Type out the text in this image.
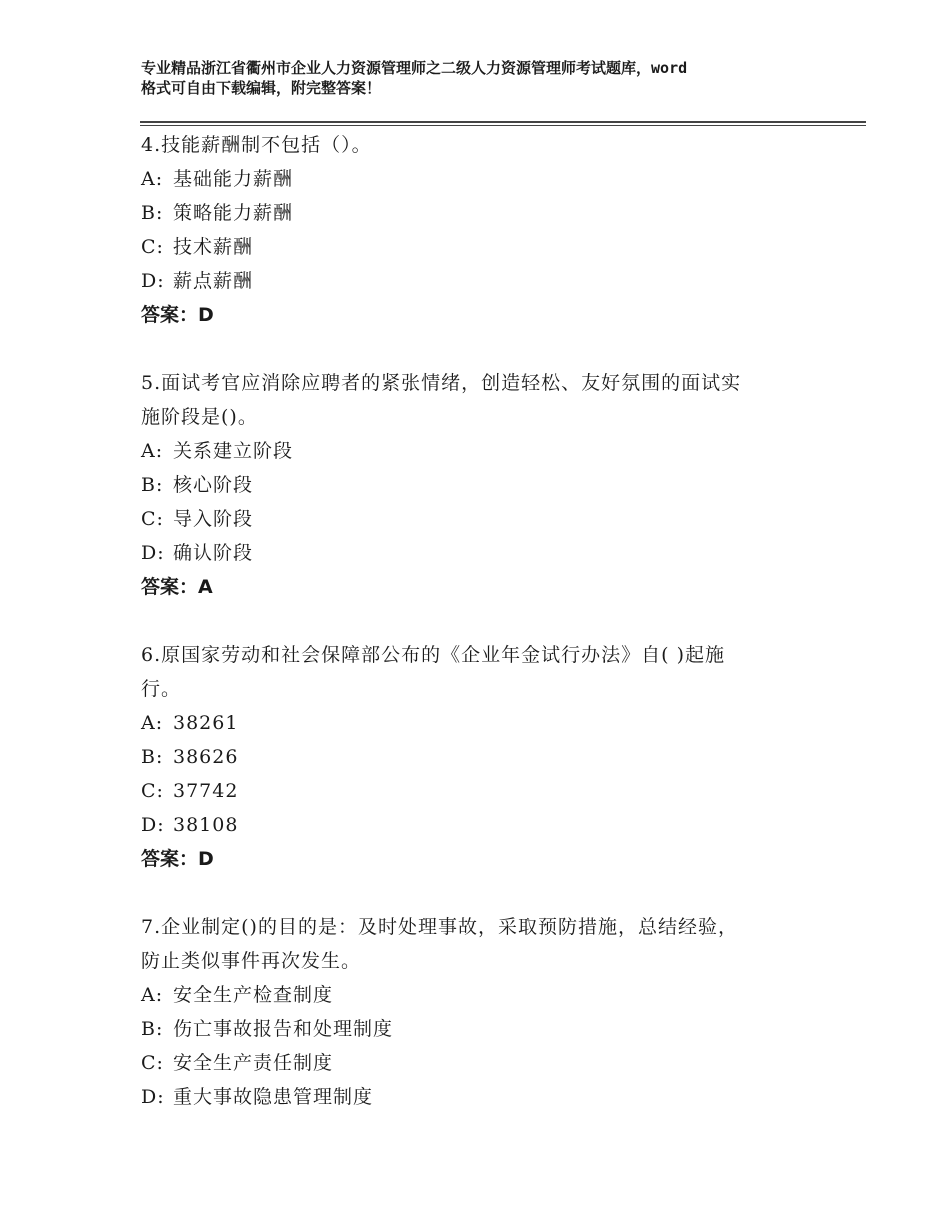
专业精品浙江省衢州市企业人力资源管理师之二级人力资源管理师考试题库，word
格式可自由下载编辑，附完整答案！
4.技能薪酬制不包括（）。
A: 基础能力薪酬
B: 策略能力薪酬
C: 技术薪酬
D: 薪点薪酬
答案：D
5.面试考官应消除应聘者的紧张情绪，创造轻松、友好氛围的面试实
施阶段是()。
A: 关系建立阶段
B: 核心阶段
C: 导入阶段
D: 确认阶段
答案：A
6.原国家劳动和社会保障部公布的《企业年金试行办法》自( )起施
行。
A: 38261
B: 38626
C: 37742
D: 38108
答案：D
7.企业制定()的目的是：及时处理事故，采取预防措施，总结经验，
防止类似事件再次发生。
A: 安全生产检查制度
B: 伤亡事故报告和处理制度
C: 安全生产责任制度
D: 重大事故隐患管理制度
